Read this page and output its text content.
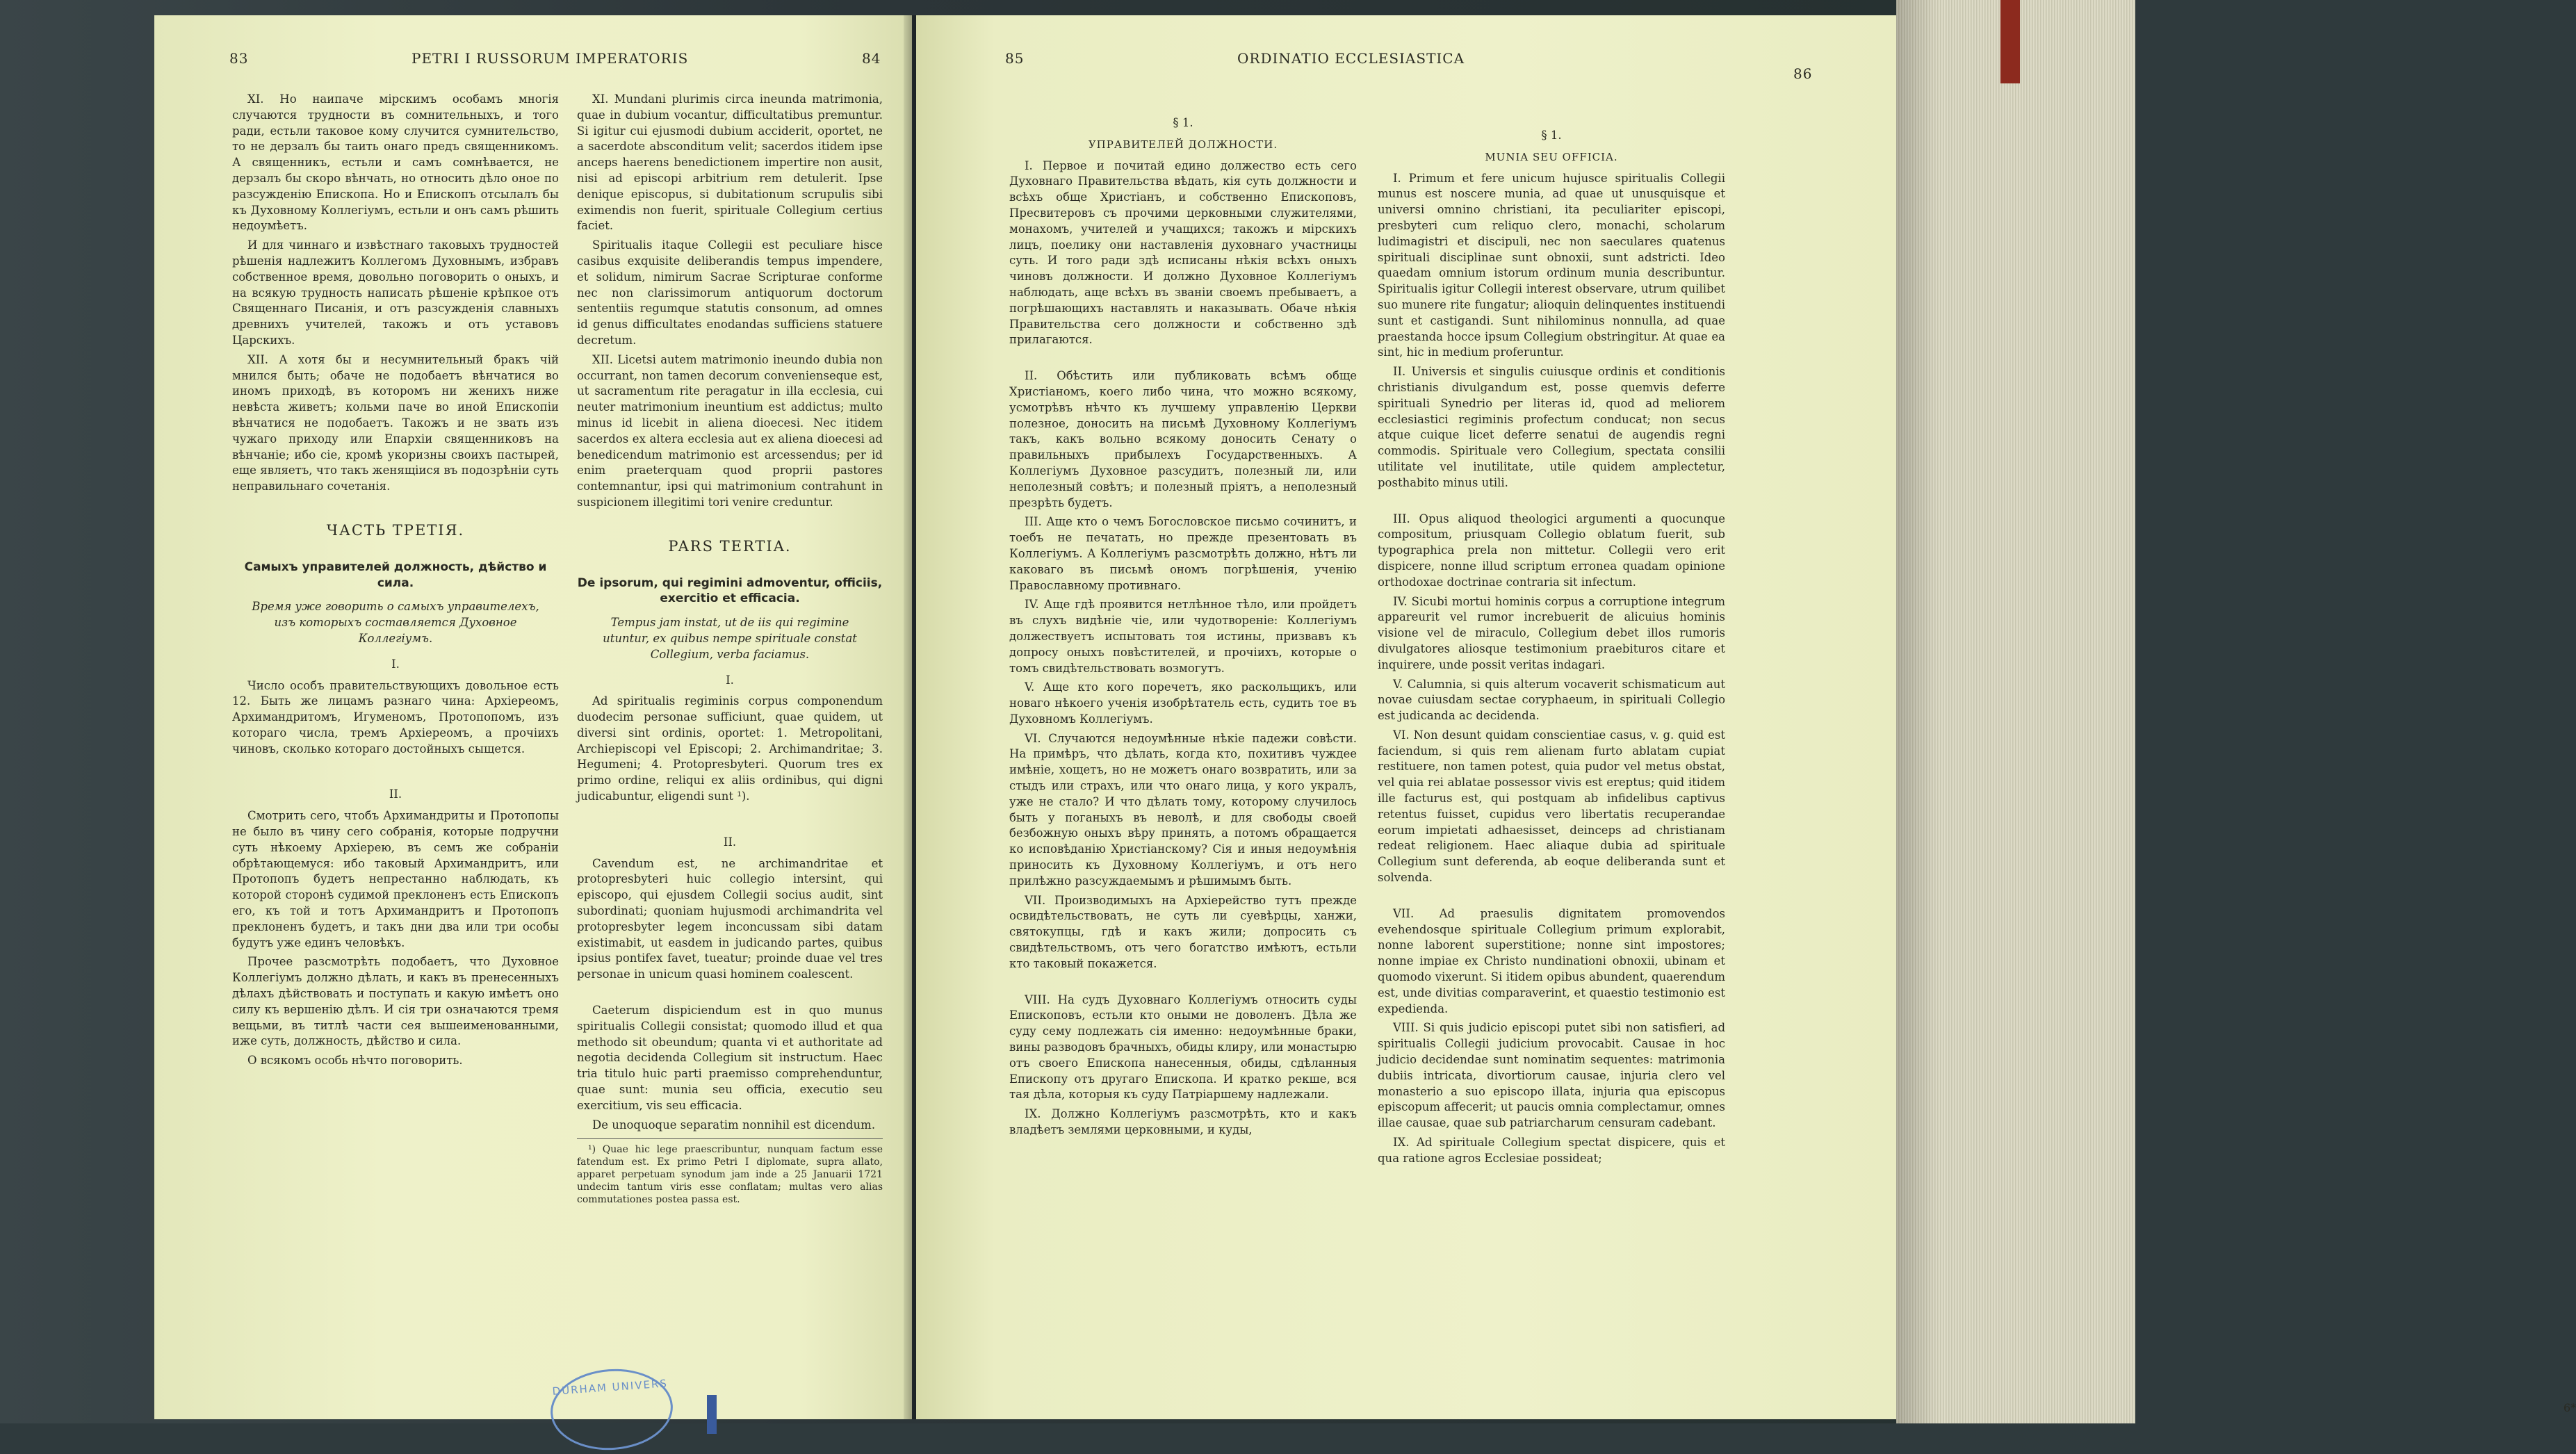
83	PETRI I RUSSORUM IMPERATORIS	84

XI. Но наипаче мірскимъ особамъ многія случаются трудности въ сомнительныхъ, и того ради, естьли таковое кому случится сумнительство, то не дерзалъ бы таить онаго предъ священникомъ. А священникъ, естьли и самъ сомнѣвается, не дерзалъ бы скоро вѣнчать, но относить дѣло оное по разсужденію Епископа. Но и Епископъ отсылалъ бы къ Духовному Коллегіумъ, естьли и онъ самъ рѣшить недоумѣетъ.

И для чиннаго и извѣстнаго таковыхъ трудностей рѣшенія надлежитъ Коллегомъ Духовнымъ, избравъ собственное время, довольно поговорить о оныхъ, и на всякую трудность написать рѣшеніе крѣпкое отъ Священнаго Писанія, и отъ разсужденія славныхъ древнихъ учителей, такожъ и отъ уставовъ Царскихъ.

XII. А хотя бы и несумнительный бракъ чій мнился быть; обаче не подобаетъ вѣнчатися во иномъ приходѣ, въ которомъ ни женихъ ниже невѣста живетъ; кольми паче во иной Епископіи вѣнчатися не подобаетъ. Такожъ и не звать изъ чужаго приходу или Епархіи священниковъ на вѣнчаніе; ибо сіе, кромѣ укоризны своихъ пастырей, еще являетъ, что такъ женящіися въ подозрѣніи суть неправильнаго сочетанія.

ЧАСТЬ ТРЕТІЯ.
Самыхъ управителей должность, дѣйство и сила.
Время уже говорить о самыхъ управителехъ, изъ которыхъ составляется Духовное Коллегіумъ.
I.

Число особъ правительствующихъ довольное есть 12. Быть же лицамъ разнаго чина: Архіереомъ, Архимандритомъ, Игуменомъ, Протопопомъ, изъ котораго числа, тремъ Архіереомъ, а прочіихъ чиновъ, сколько котораго достойныхъ сыщется.

II.

Смотрить сего, чтобъ Архимандриты и Протопопы не было въ чину сего собранія, которые подручни суть нѣкоему Архіерею, въ семъ же собраніи обрѣтающемуся: ибо таковый Архимандритъ, или Протопопъ будетъ непрестанно наблюдать, къ которой сторонѣ судимой преклоненъ есть Епископъ его, къ той и тотъ Архимандритъ и Протопопъ преклоненъ будетъ, и такъ дни два или три особы будутъ уже единъ человѣкъ.

Прочее разсмотрѣть подобаетъ, что Духовное Коллегіумъ должно дѣлать, и какъ въ пренесенныхъ дѣлахъ дѣйствовать и поступать и какую имѣетъ оно силу къ вершенію дѣлъ. И сія три означаются тремя вещьми, въ титлѣ части сея вышеименованными, иже суть, должность, дѣйство и сила.

О всякомъ особь нѣчто поговорить.

XI. Mundani plurimis circa ineunda matrimonia, quae in dubium vocantur, difficultatibus premuntur. Si igitur cui ejusmodi dubium acciderit, oportet, ne a sacerdote absconditum velit; sacerdos itidem ipse anceps haerens benedictionem impertire non ausit, nisi ad episcopi arbitrium rem detulerit. Ipse denique episcopus, si dubitationum scrupulis sibi eximendis non fuerit, spirituale Collegium certius faciet.

Spiritualis itaque Collegii est peculiare hisce casibus exquisite deliberandis tempus impendere, et solidum, nimirum Sacrae Scripturae conforme nec non clarissimorum antiquorum doctorum sententiis regumque statutis consonum, ad omnes id genus difficultates enodandas sufficiens statuere decretum.

XII. Licetsi autem matrimonio ineundo dubia non occurrant, non tamen decorum convenienseque est, ut sacramentum rite peragatur in illa ecclesia, cui neuter matrimonium ineuntium est addictus; multo minus id licebit in aliena dioecesi. Nec itidem sacerdos ex altera ecclesia aut ex aliena dioecesi ad benedicendum matrimonio est arcessendus; per id enim praeterquam quod proprii pastores contemnantur, ipsi qui matrimonium contrahunt in suspicionem illegitimi tori venire creduntur.

PARS TERTIA.
De ipsorum, qui regimini admoventur, officiis, exercitio et efficacia.
Tempus jam instat, ut de iis qui regimine utuntur, ex quibus nempe spirituale constat Collegium, verba faciamus.
I.

Ad spiritualis regiminis corpus componendum duodecim personae sufficiunt, quae quidem, ut diversi sint ordinis, oportet: 1. Metropolitani, Archiepiscopi vel Episcopi; 2. Archimandritae; 3. Hegumeni; 4. Protopresbyteri. Quorum tres ex primo ordine, reliqui ex aliis ordinibus, qui digni judicabuntur, eligendi sunt ¹).

II.

Cavendum est, ne archimandritae et protopresbyteri huic collegio intersint, qui episcopo, qui ejusdem Collegii socius audit, sint subordinati; quoniam hujusmodi archimandrita vel protopresbyter legem inconcussam sibi datam existimabit, ut easdem in judicando partes, quibus ipsius pontifex favet, tueatur; proinde duae vel tres personae in unicum quasi hominem coalescent.

Caeterum dispiciendum est in quo munus spiritualis Collegii consistat; quomodo illud et qua methodo sit obeundum; quanta vi et authoritate ad negotia decidenda Collegium sit instructum. Haec tria titulo huic parti praemisso comprehenduntur, quae sunt: munia seu officia, executio seu exercitium, vis seu efficacia.

De unoquoque separatim nonnihil est dicendum.

¹) Quae hic lege praescribuntur, nunquam factum esse fatendum est. Ex primo Petri I diplomate, supra allato, apparet perpetuam synodum jam inde a 25 Januarii 1721 undecim tantum viris esse conflatam; multas vero alias commutationes postea passa est.
DURHAM UNIVERS
85	ORDINATIO ECCLESIASTICA
86
§ 1.
УПРАВИТЕЛЕЙ ДОЛЖНОСТИ.

I. Первое и почитай едино должество есть сего Духовнаго Правительства вѣдать, кія суть должности и всѣхъ обще Христіанъ, и собственно Епископовъ, Пресвитеровъ съ прочими церковными служителями, монахомъ, учителей и учащихся; такожъ и мірскихъ лицъ, поелику они наставленія духовнаго участницы суть. И того ради здѣ исписаны нѣкія всѣхъ оныхъ чиновъ должности. И должно Духовное Коллегіумъ наблюдать, аще всѣхъ въ званіи своемъ пребываетъ, а погрѣшающихъ наставлять и наказывать. Обаче нѣкія Правительства сего должности и собственно здѣ прилагаются.

II. Обѣстить или публиковать всѣмъ обще Христіаномъ, коего либо чина, что можно всякому, усмотрѣвъ нѣчто къ лучшему управленію Церкви полезное, доносить на письмѣ Духовному Коллегіумъ такъ, какъ вольно всякому доносить Сенату о правильныхъ прибылехъ Государственныхъ. А Коллегіумъ Духовное разсудитъ, полезный ли, или неполезный совѣтъ; и полезный пріятъ, а неполезный презрѣть будетъ.

III. Аще кто о чемъ Богословское письмо сочинитъ, и тоебъ не печатать, но прежде презентовать въ Коллегіумъ. А Коллегіумъ разсмотрѣть должно, нѣтъ ли каковаго въ письмѣ ономъ погрѣшенія, ученію Православному противнаго.

IV. Аще гдѣ проявится нетлѣнное тѣло, или пройдетъ въ слухъ видѣніе чіе, или чудотвореніе: Коллегіумъ должествуетъ испытовать тоя истины, призвавъ къ допросу оныхъ повѣстителей, и прочіихъ, которые о томъ свидѣтельствовать возмогутъ.

V. Аще кто кого поречетъ, яко раскольщикъ, или новаго нѣкоего ученія изобрѣтатель есть, судить тое въ Духовномъ Коллегіумъ.

VI. Случаются недоумѣнные нѣкіе падежи совѣсти. На примѣръ, что дѣлать, когда кто, похитивъ чуждее имѣніе, хощетъ, но не можетъ онаго возвратить, или за стыдъ или страхъ, или что онаго лица, у кого укралъ, уже не стало? И что дѣлать тому, которому случилось быть у поганыхъ въ неволѣ, и для свободы своей безбожную оныхъ вѣру принять, а потомъ обращается ко исповѣданію Христіанскому? Сія и иныя недоумѣнія приносить къ Духовному Коллегіумъ, и отъ него прилѣжно разсуждаемымъ и рѣшимымъ быть.

VII. Производимыхъ на Архіерейство тутъ прежде освидѣтельствовать, не суть ли суевѣрцы, ханжи, святокупцы, гдѣ и какъ жили; допросить съ свидѣтельствомъ, отъ чего богатство имѣютъ, естьли кто таковый покажется.

VIII. На судъ Духовнаго Коллегіумъ относить суды Епископовъ, естьли кто оными не доволенъ. Дѣла же суду сему подлежать сія именно: недоумѣнные браки, вины разводовъ брачныхъ, обиды клиру, или монастырю отъ своего Епископа нанесенныя, обиды, сдѣланныя Епископу отъ другаго Епископа. И кратко рекше, вся тая дѣла, которыя къ суду Патріаршему надлежали.

IX. Должно Коллегіумъ разсмотрѣть, кто и какъ владѣетъ землями церковными, и куды,

§ 1.
MUNIA SEU OFFICIA.

I. Primum et fere unicum hujusce spiritualis Collegii munus est noscere munia, ad quae ut unusquisque et universi omnino christiani, ita peculiariter episcopi, presbyteri cum reliquo clero, monachi, scholarum ludimagistri et discipuli, nec non saeculares quatenus spirituali disciplinae sunt obnoxii, sunt adstricti. Ideo quaedam omnium istorum ordinum munia describuntur. Spiritualis igitur Collegii interest observare, utrum quilibet suo munere rite fungatur; alioquin delinquentes instituendi sunt et castigandi. Sunt nihilominus nonnulla, ad quae praestanda hocce ipsum Collegium obstringitur. At quae ea sint, hic in medium proferuntur.

II. Universis et singulis cuiusque ordinis et conditionis christianis divulgandum est, posse quemvis deferre spirituali Synedrio per literas id, quod ad meliorem ecclesiastici regiminis profectum conducat; non secus atque cuique licet deferre senatui de augendis regni commodis. Spirituale vero Collegium, spectata consilii utilitate vel inutilitate, utile quidem amplectetur, posthabito minus utili.

III. Opus aliquod theologici argumenti a quocunque compositum, priusquam Collegio oblatum fuerit, sub typographica prela non mittetur. Collegii vero erit dispicere, nonne illud scriptum erronea quadam opinione orthodoxae doctrinae contraria sit infectum.

IV. Sicubi mortui hominis corpus a corruptione integrum appareurit vel rumor increbuerit de alicuius hominis visione vel de miraculo, Collegium debet illos rumoris divulgatores aliosque testimonium praebituros citare et inquirere, unde possit veritas indagari.

V. Calumnia, si quis alterum vocaverit schismaticum aut novae cuiusdam sectae coryphaeum, in spirituali Collegio est judicanda ac decidenda.

VI. Non desunt quidam conscientiae casus, v. g. quid est faciendum, si quis rem alienam furto ablatam cupiat restituere, non tamen potest, quia pudor vel metus obstat, vel quia rei ablatae possessor vivis est ereptus; quid itidem ille facturus est, qui postquam ab infidelibus captivus retentus fuisset, cupidus vero libertatis recuperandae eorum impietati adhaesisset, deinceps ad christianam redeat religionem. Haec aliaque dubia ad spirituale Collegium sunt deferenda, ab eoque deliberanda sunt et solvenda.

VII. Ad praesulis dignitatem promovendos evehendosque spirituale Collegium primum explorabit, nonne laborent superstitione; nonne sint impostores; nonne impiae ex Christo nundinationi obnoxii, ubinam et quomodo vixerunt. Si itidem opibus abundent, quaerendum est, unde divitias comparaverint, et quaestio testimonio est expedienda.

VIII. Si quis judicio episcopi putet sibi non satisfieri, ad spiritualis Collegii judicium provocabit. Causae in hoc judicio decidendae sunt nominatim sequentes: matrimonia dubiis intricata, divortiorum causae, injuria clero vel monasterio a suo episcopo illata, injuria qua episcopus episcopum affecerit; ut paucis omnia complectamur, omnes illae causae, quae sub patriarcharum censuram cadebant.

IX. Ad spirituale Collegium spectat dispicere, quis et qua ratione agros Ecclesiae possideat;

6*
